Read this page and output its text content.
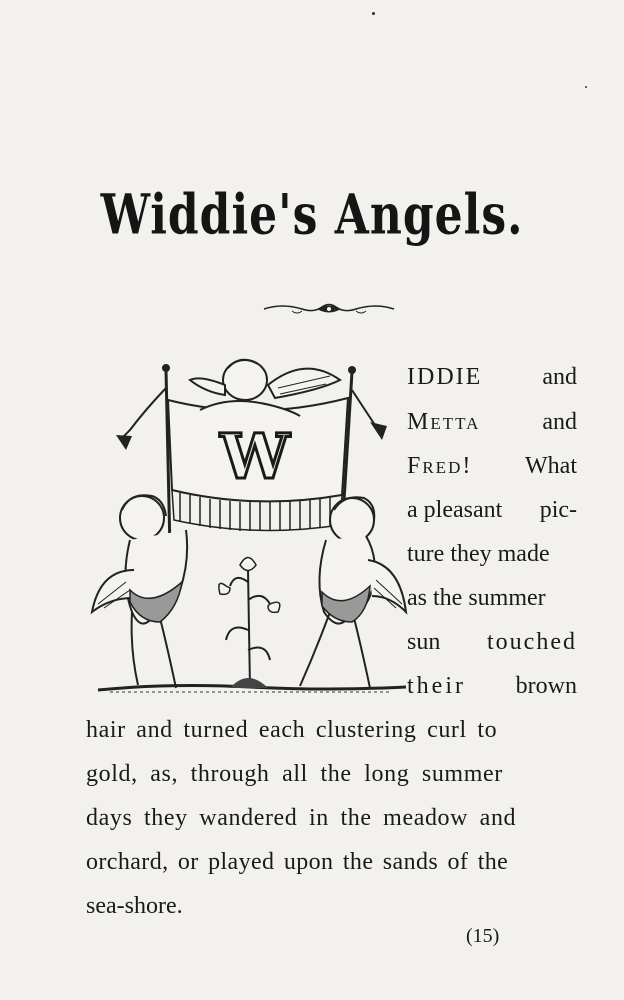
Widdie's Angels.
W
IDDIE	and
Metta	and
Fred! What
a pleasant pic-
ture they made
as the summer
sun touched
their brown
hair and turned each clustering curl to
gold, as, through all the long summer
days they wandered in the meadow and
orchard, or played upon the sands of the
sea-shore.
(15)
